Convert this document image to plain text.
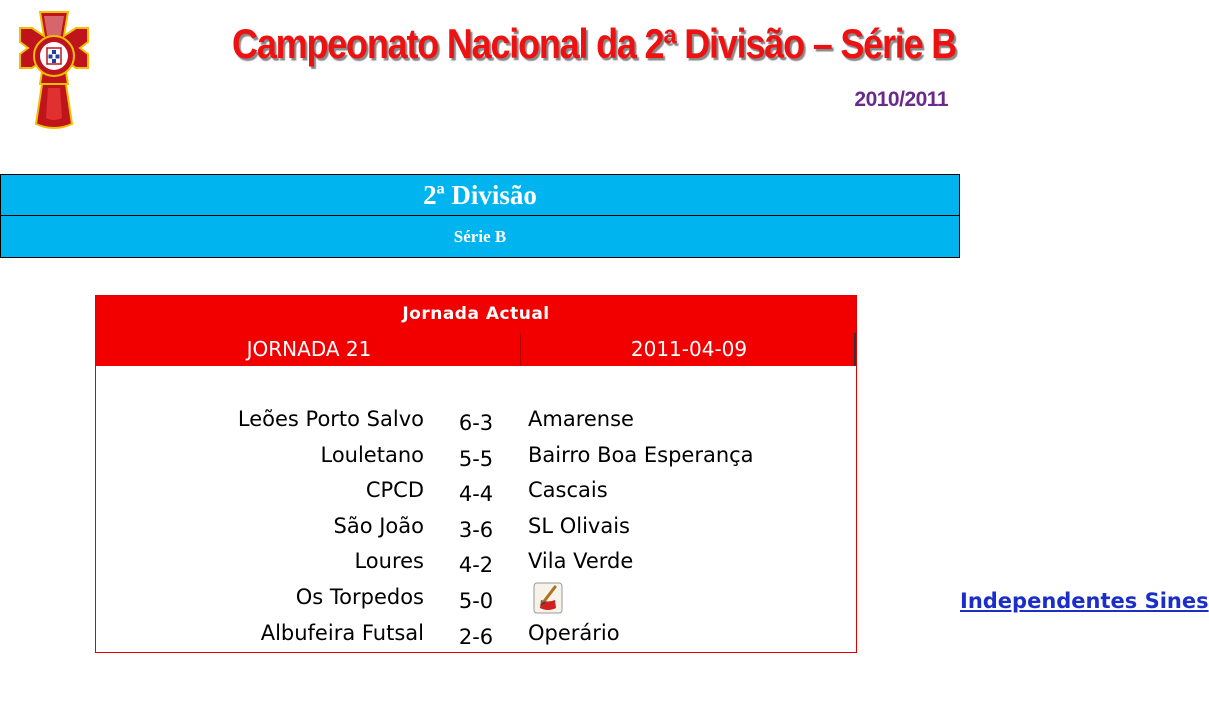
Campeonato Nacional da 2ª Divisão – Série B
2010/2011
2ª Divisão
Série B
Jornada Actual
JORNADA 21	2011-04-09
Leões Porto Salvo	6-3	Amarense
Louletano	5-5	Bairro Boa Esperança
CPCD	4-4	Cascais
São João	3-6	SL Olivais
Loures	4-2	Vila Verde
Os Torpedos	5-0	Independentes Sines
Albufeira Futsal	2-6	Operário
